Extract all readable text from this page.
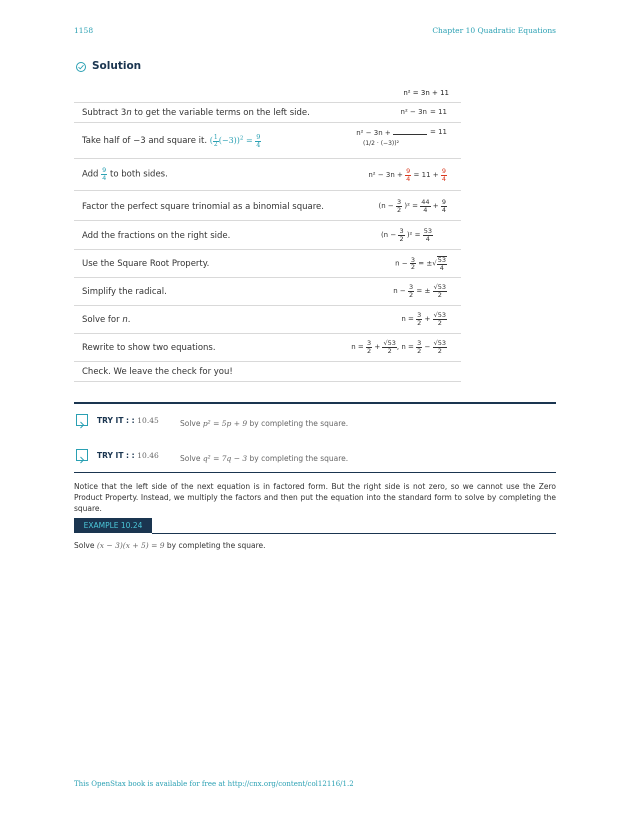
1158	Chapter 10 Quadratic Equations
Solution
n² = 3n + 11
Subtract 3n to get the variable terms on the left side.	n² − 3n = 11
Take half of −3 and square it. ( $\frac{1}{2} (-3))^2 = \frac{9}{4}$
n² − 3n +	= 11
(1/2 · (−3))²
Add $\frac{9}{4}$ to both sides.	$n^2 - 3n + \frac{9}{4} = 11 + \frac{9}{4}$
Factor the perfect square trinomial as a binomial square.	$(n - \frac{3}{2} )^2 = \frac{44}{4} + \frac{9}{4}$
Add the fractions on the right side.	$(n - \frac{3}{2} )^2 = \frac{53}{4}$
Use the Square Root Property.	$n - \frac{3}{2}$ = ±√ $\frac{53}{4}$
Simplify the radical.	$n - \frac{3}{2}$ = ± $\frac{√53}{2}$
Solve for n.	$n = \frac{3}{2} + \frac{√53}{2}$
Rewrite to show two equations.	$n = \frac{3}{2} + \frac{√53}{2}$ , $n = \frac{3}{2} - \frac{√53}{2}$
Check. We leave the check for you!
TRY IT : : 10.45	Solve p² = 5p + 9 by completing the square.
TRY IT : : 10.46	Solve q² = 7q − 3 by completing the square.
Notice that the left side of the next equation is in factored form. But the right side is not zero, so we cannot use the Zero Product Property. Instead, we multiply the factors and then put the equation into the standard form to solve by completing the square.
EXAMPLE 10.24
Solve (x − 3)(x + 5) = 9 by completing the square.
This OpenStax book is available for free at http://cnx.org/content/col12116/1.2
